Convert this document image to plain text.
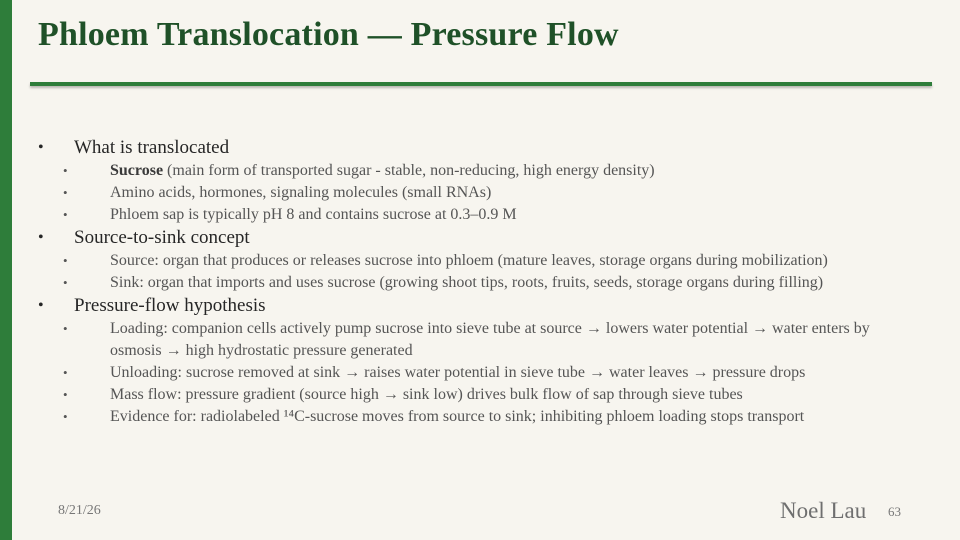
Phloem Translocation — Pressure Flow
• What is translocated
•	Sucrose (main form of transported sugar - stable, non-reducing, high energy density)
•	Amino acids, hormones, signaling molecules (small RNAs)
•	Phloem sap is typically pH 8 and contains sucrose at 0.3–0.9 M
• Source-to-sink concept
•	Source: organ that produces or releases sucrose into phloem (mature leaves, storage organs during mobilization)
•	Sink: organ that imports and uses sucrose (growing shoot tips, roots, fruits, seeds, storage organs during filling)
• Pressure-flow hypothesis
•	Loading: companion cells actively pump sucrose into sieve tube at source → lowers water potential → water enters by osmosis → high hydrostatic pressure generated
•	Unloading: sucrose removed at sink → raises water potential in sieve tube → water leaves → pressure drops
•	Mass flow: pressure gradient (source high → sink low) drives bulk flow of sap through sieve tubes
•	Evidence for: radiolabeled ¹⁴C-sucrose moves from source to sink; inhibiting phloem loading stops transport
8/21/26	Noel Lau 63
